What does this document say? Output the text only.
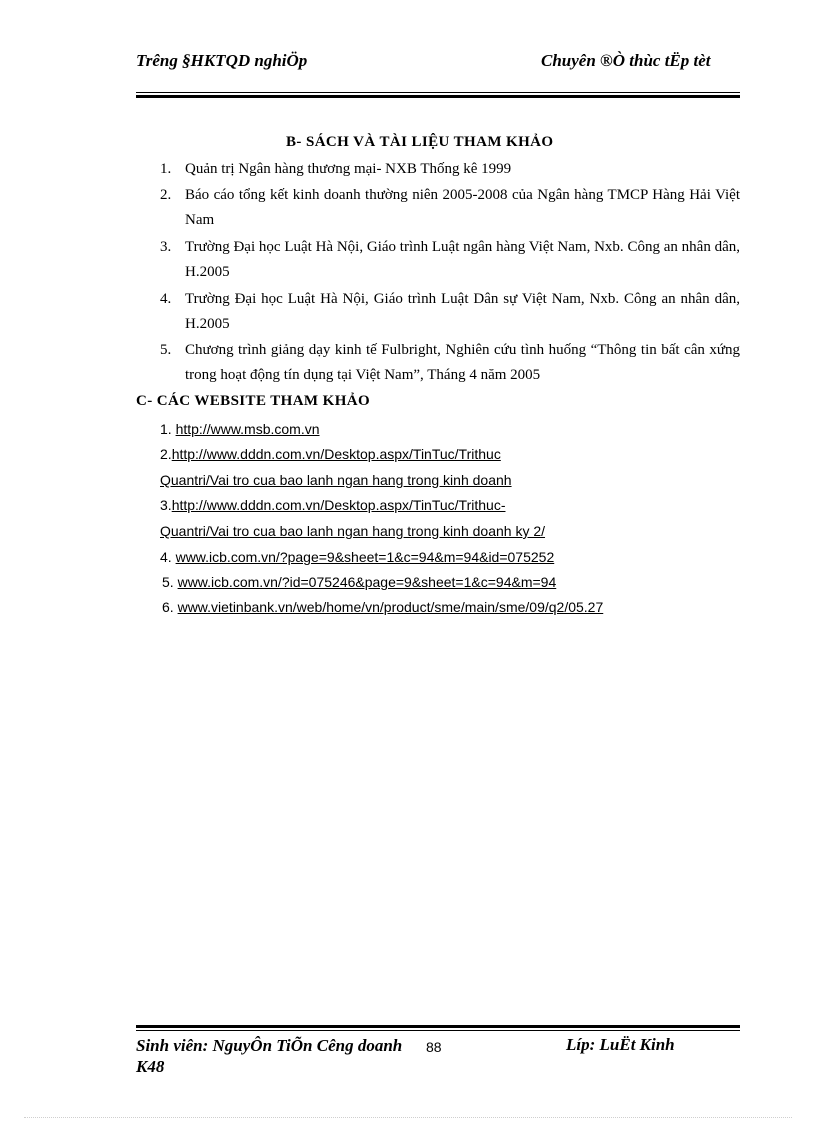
Trêng §HKTQD nghiÖp	Chuyên ®Ò thùc tËp tèt
B- SÁCH VÀ TÀI LIỆU THAM KHẢO
1. Quản trị Ngân hàng thương mại- NXB Thống kê 1999
2. Báo cáo tổng kết kinh doanh thường niên 2005-2008 của Ngân hàng TMCP Hàng Hải Việt Nam
3. Trường Đại học Luật Hà Nội, Giáo trình Luật ngân hàng Việt Nam, Nxb. Công an nhân dân, H.2005
4. Trường Đại học Luật Hà Nội, Giáo trình Luật Dân sự Việt Nam, Nxb. Công an nhân dân, H.2005
5. Chương trình giảng dạy kinh tế Fulbright, Nghiên cứu tình huống “Thông tin bất cân xứng trong hoạt động tín dụng tại Việt Nam”, Tháng 4 năm 2005
C- CÁC WEBSITE THAM KHẢO
1. http://www.msb.com.vn
2.http://www.dddn.com.vn/Desktop.aspx/TinTuc/Trithuc
Quantri/Vai tro cua bao lanh ngan hang trong kinh doanh
3.http://www.dddn.com.vn/Desktop.aspx/TinTuc/Trithuc-
Quantri/Vai tro cua bao lanh ngan hang trong kinh doanh ky 2/
4. www.icb.com.vn/?page=9&sheet=1&c=94&m=94&id=075252
5. www.icb.com.vn/?id=075246&page=9&sheet=1&c=94&m=94
6. www.vietinbank.vn/web/home/vn/product/sme/main/sme/09/q2/05.27
Sinh viên: NguyÔn TiÕn Cêng doanh K48
88	Líp: LuËt Kinh
